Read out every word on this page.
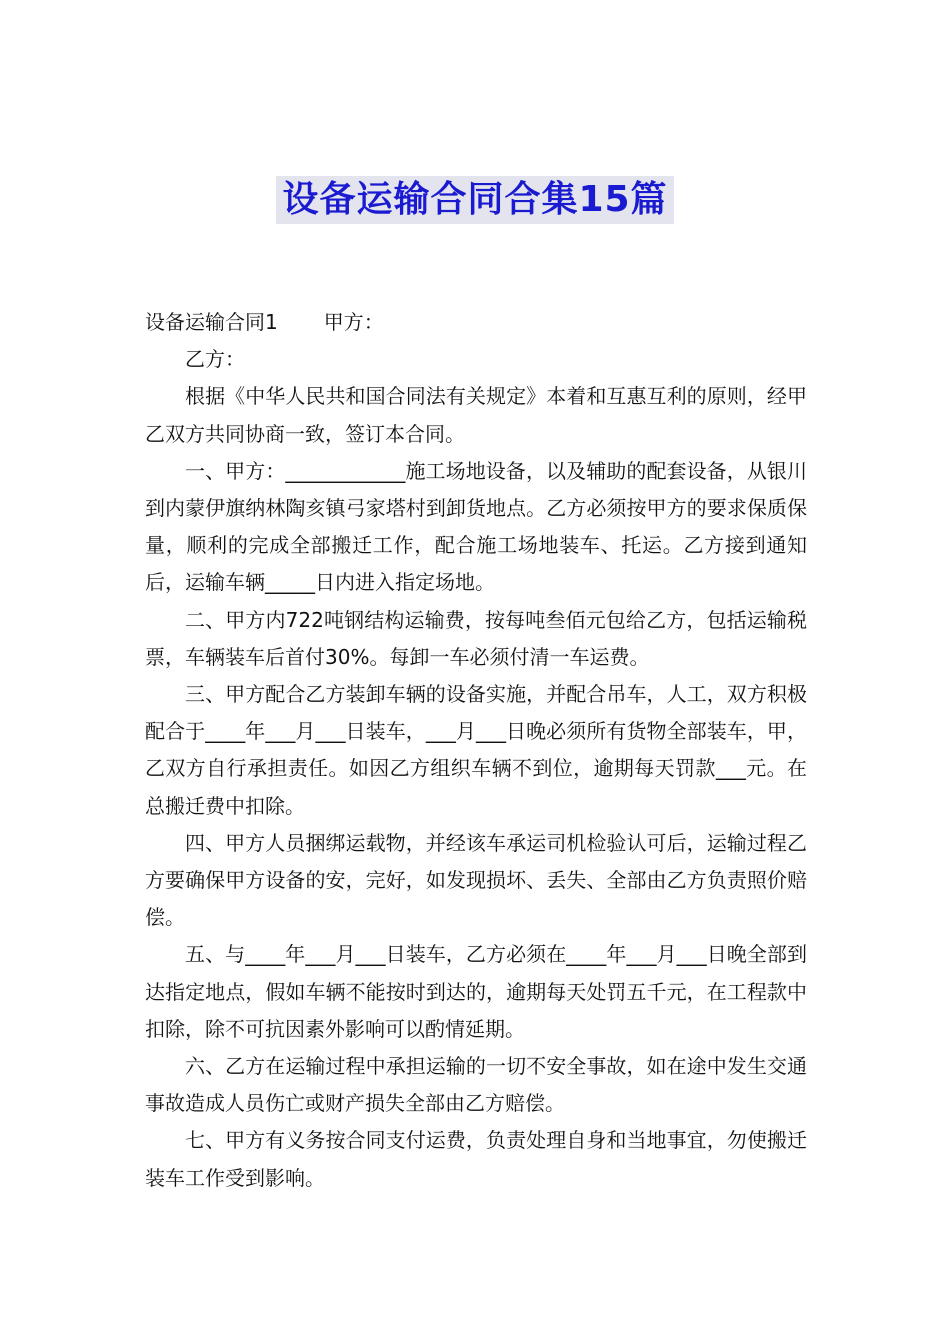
设备运输合同合集15篇

设备运输合同1 甲方：

乙方：

根据《中华人民共和国合同法有关规定》本着和互惠互利的原则，经甲乙双方共同协商一致，签订本合同。

一、甲方：____________施工场地设备，以及辅助的配套设备，从银川到内蒙伊旗纳林陶亥镇弓家塔村到卸货地点。乙方必须按甲方的要求保质保量，顺利的完成全部搬迁工作，配合施工场地装车、托运。乙方接到通知后，运输车辆_____日内进入指定场地。

二、甲方内722吨钢结构运输费，按每吨叁佰元包给乙方，包括运输税票，车辆装车后首付30%。每卸一车必须付清一车运费。

三、甲方配合乙方装卸车辆的设备实施，并配合吊车，人工，双方积极配合于____年___月___日装车，___月___日晚必须所有货物全部装车，甲，乙双方自行承担责任。如因乙方组织车辆不到位，逾期每天罚款___元。在总搬迁费中扣除。

四、甲方人员捆绑运载物，并经该车承运司机检验认可后，运输过程乙方要确保甲方设备的安，完好，如发现损坏、丢失、全部由乙方负责照价赔偿。

五、与____年___月___日装车，乙方必须在____年___月___日晚全部到达指定地点，假如车辆不能按时到达的，逾期每天处罚五千元，在工程款中扣除，除不可抗因素外影响可以酌情延期。

六、乙方在运输过程中承担运输的一切不安全事故，如在途中发生交通事故造成人员伤亡或财产损失全部由乙方赔偿。

七、甲方有义务按合同支付运费，负责处理自身和当地事宜，勿使搬迁装车工作受到影响。
